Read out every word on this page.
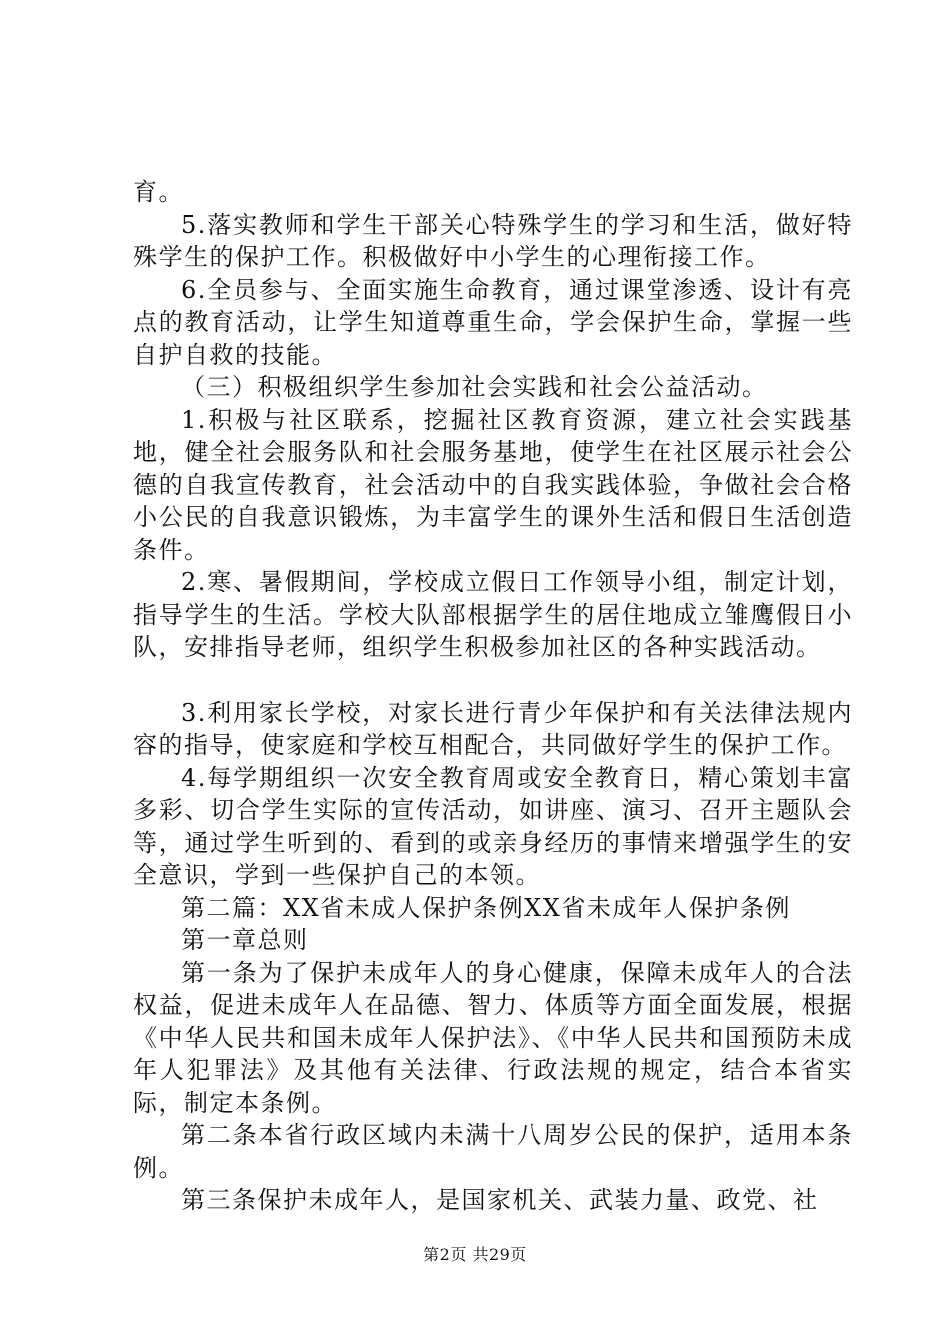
育。

5.落实教师和学生干部关心特殊学生的学习和生活，做好特殊学生的保护工作。积极做好中小学生的心理衔接工作。

6.全员参与、全面实施生命教育，通过课堂渗透、设计有亮点的教育活动，让学生知道尊重生命，学会保护生命，掌握一些自护自救的技能。

（三）积极组织学生参加社会实践和社会公益活动。

1.积极与社区联系，挖掘社区教育资源，建立社会实践基地，健全社会服务队和社会服务基地，使学生在社区展示社会公德的自我宣传教育，社会活动中的自我实践体验，争做社会合格小公民的自我意识锻炼，为丰富学生的课外生活和假日生活创造条件。

2.寒、暑假期间，学校成立假日工作领导小组，制定计划，指导学生的生活。学校大队部根据学生的居住地成立雏鹰假日小队，安排指导老师，组织学生积极参加社区的各种实践活动。

3.利用家长学校，对家长进行青少年保护和有关法律法规内容的指导，使家庭和学校互相配合，共同做好学生的保护工作。

4.每学期组织一次安全教育周或安全教育日，精心策划丰富多彩、切合学生实际的宣传活动，如讲座、演习、召开主题队会等，通过学生听到的、看到的或亲身经历的事情来增强学生的安全意识，学到一些保护自己的本领。

第二篇：XX省未成人保护条例XX省未成年人保护条例

第一章总则

第一条为了保护未成年人的身心健康，保障未成年人的合法权益，促进未成年人在品德、智力、体质等方面全面发展，根据《中华人民共和国未成年人保护法》、《中华人民共和国预防未成年人犯罪法》及其他有关法律、行政法规的规定，结合本省实际，制定本条例。

第二条本省行政区域内未满十八周岁公民的保护，适用本条例。

第三条保护未成年人，是国家机关、武装力量、政党、社

第2页 共29页
